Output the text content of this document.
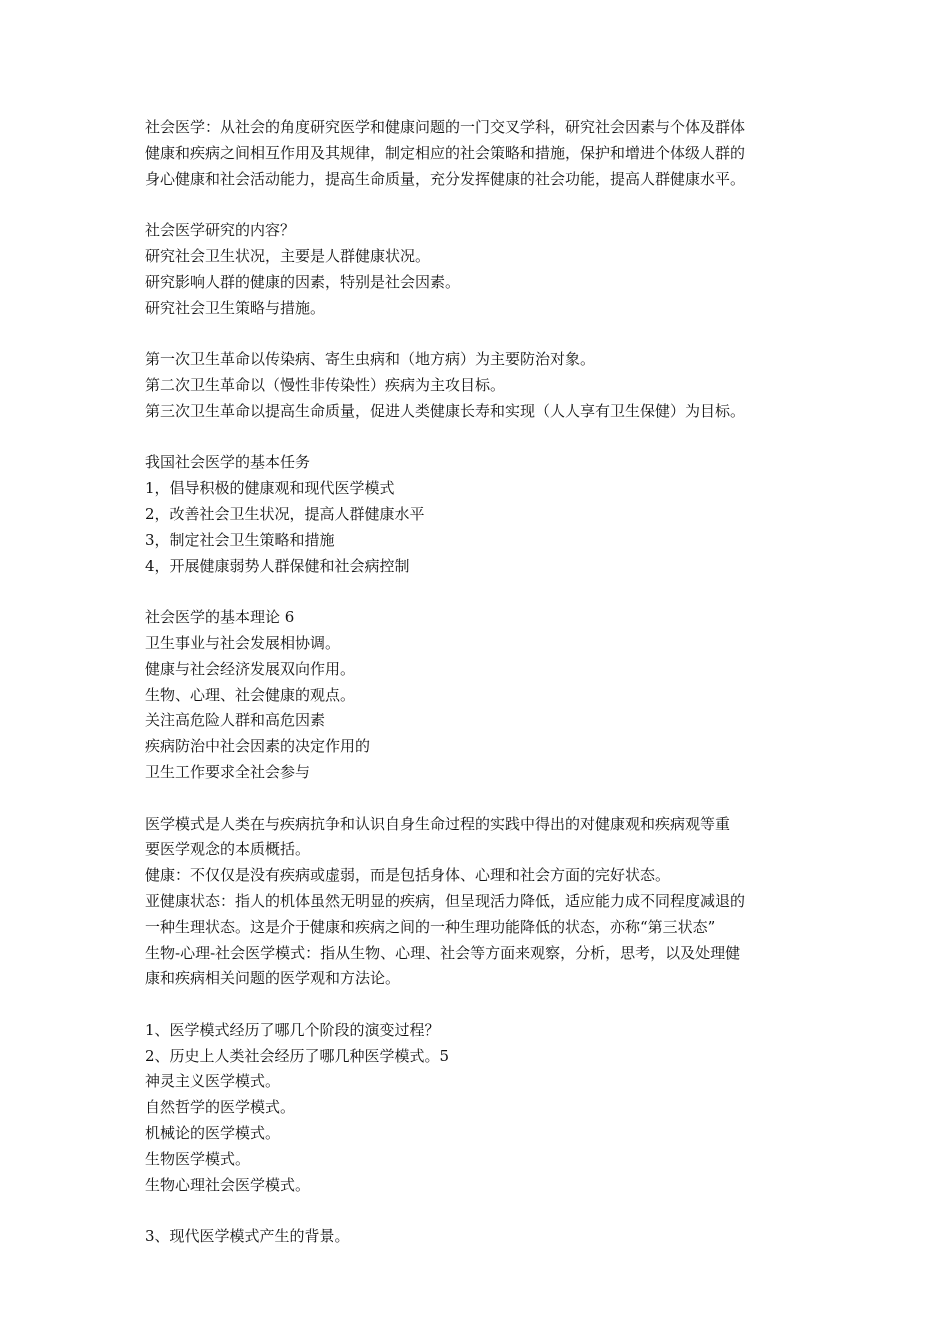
社会医学：从社会的角度研究医学和健康问题的一门交叉学科，研究社会因素与个体及群体
健康和疾病之间相互作用及其规律，制定相应的社会策略和措施，保护和增进个体级人群的
身心健康和社会活动能力，提高生命质量，充分发挥健康的社会功能，提高人群健康水平。
社会医学研究的内容？
研究社会卫生状况，主要是人群健康状况。
研究影响人群的健康的因素，特别是社会因素。
研究社会卫生策略与措施。
第一次卫生革命以传染病、寄生虫病和（地方病）为主要防治对象。
第二次卫生革命以（慢性非传染性）疾病为主攻目标。
第三次卫生革命以提高生命质量，促进人类健康长寿和实现（人人享有卫生保健）为目标。
我国社会医学的基本任务
1，倡导积极的健康观和现代医学模式
2，改善社会卫生状况，提高人群健康水平
3，制定社会卫生策略和措施
4，开展健康弱势人群保健和社会病控制
社会医学的基本理论 6
卫生事业与社会发展相协调。
健康与社会经济发展双向作用。
生物、心理、社会健康的观点。
关注高危险人群和高危因素
疾病防治中社会因素的决定作用的
卫生工作要求全社会参与
医学模式是人类在与疾病抗争和认识自身生命过程的实践中得出的对健康观和疾病观等重
要医学观念的本质概括。
健康：不仅仅是没有疾病或虚弱，而是包括身体、心理和社会方面的完好状态。
亚健康状态：指人的机体虽然无明显的疾病，但呈现活力降低，适应能力成不同程度减退的
一种生理状态。这是介于健康和疾病之间的一种生理功能降低的状态，亦称“第三状态”
生物-心理-社会医学模式：指从生物、心理、社会等方面来观察，分析，思考，以及处理健
康和疾病相关问题的医学观和方法论。
1、医学模式经历了哪几个阶段的演变过程？
2、历史上人类社会经历了哪几种医学模式。5
神灵主义医学模式。
自然哲学的医学模式。
机械论的医学模式。
生物医学模式。
生物心理社会医学模式。
3、现代医学模式产生的背景。
